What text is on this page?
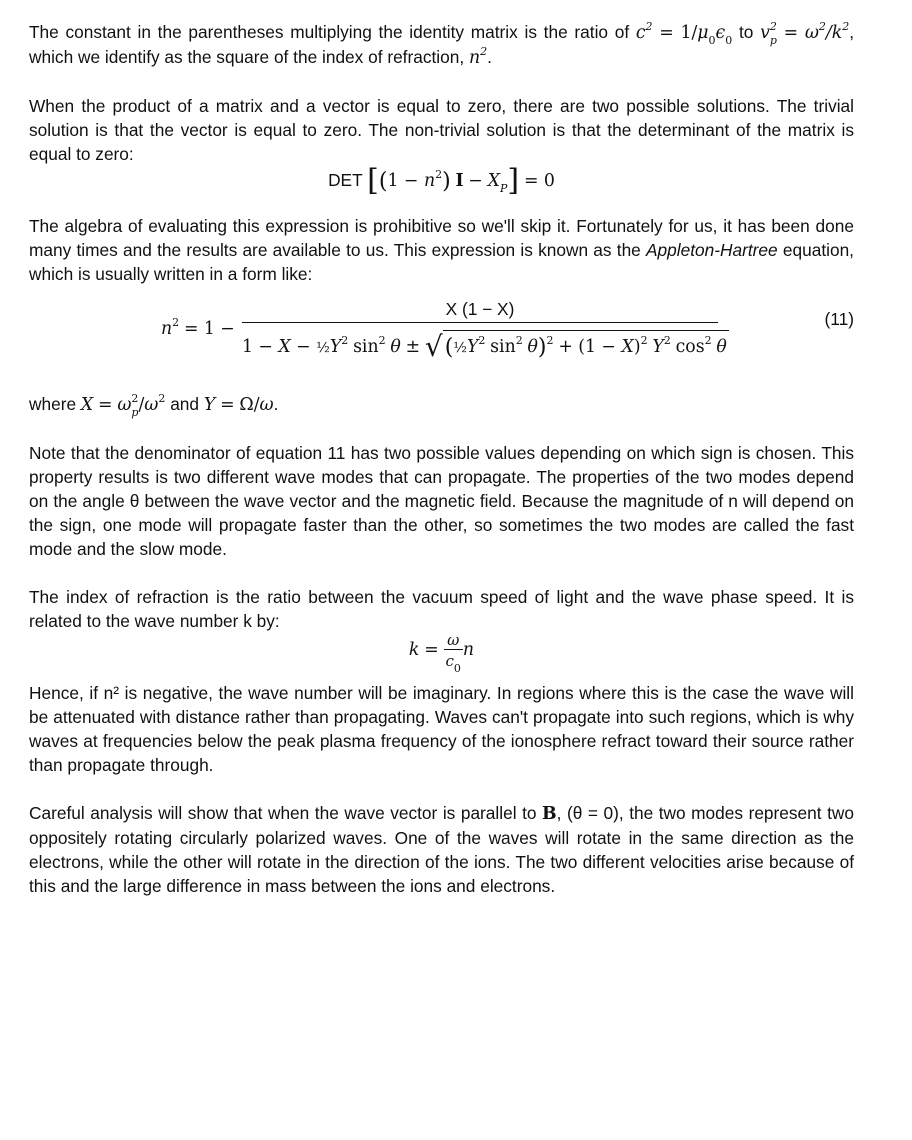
The constant in the parentheses multiplying the identity matrix is the ratio of $c^2 = 1/\mu_0\epsilon_0$ to $v^2_p = \omega^2/k^2$, which we identify as the square of the index of refraction, $n^2$.

When the product of a matrix and a vector is equal to zero, there are two possible solutions. The trivial solution is that the vector is equal to zero. The non-trivial solution is that the determinant of the matrix is equal to zero:

DET [$(1 - n^2)$ $I - X_P] = 0$

The algebra of evaluating this expression is prohibitive so we'll skip it. Fortunately for us, it has been done many times and the results are available to us. This expression is known as the Appleton-Hartree equation, which is usually written in a form like:

$n^2 = 1$ −
X (1 − X)
$1 - X - \frac{1}{2}Y^2$ $\sin^2 \theta$ ± $√(\frac{1}{2}Y^2$ $\sin^2 \theta)^2 + (1 - X)^2$ $Y^2$ $\cos^2 \theta$
(11)

where $X = \omega^2_p/\omega^2$ and Y = Ω/ω.

Note that the denominator of equation 11 has two possible values depending on which sign is chosen. This property results is two different wave modes that can propagate. The properties of the two modes depend on the angle θ between the wave vector and the magnetic field. Because the magnitude of n will depend on the sign, one mode will propagate faster than the other, so sometimes the two modes are called the fast mode and the slow mode.

The index of refraction is the ratio between the vacuum speed of light and the wave phase speed. It is related to the wave number k by:

$k = \frac{\omega}{c_0}$ n

Hence, if n² is negative, the wave number will be imaginary. In regions where this is the case the wave will be attenuated with distance rather than propagating. Waves can't propagate into such regions, which is why waves at frequencies below the peak plasma frequency of the ionosphere refract toward their source rather than propagate through.

Careful analysis will show that when the wave vector is parallel to B, (θ = 0), the two modes represent two oppositely rotating circularly polarized waves. One of the waves will rotate in the same direction as the electrons, while the other will rotate in the direction of the ions. The two different velocities arise because of this and the large difference in mass between the ions and electrons.
